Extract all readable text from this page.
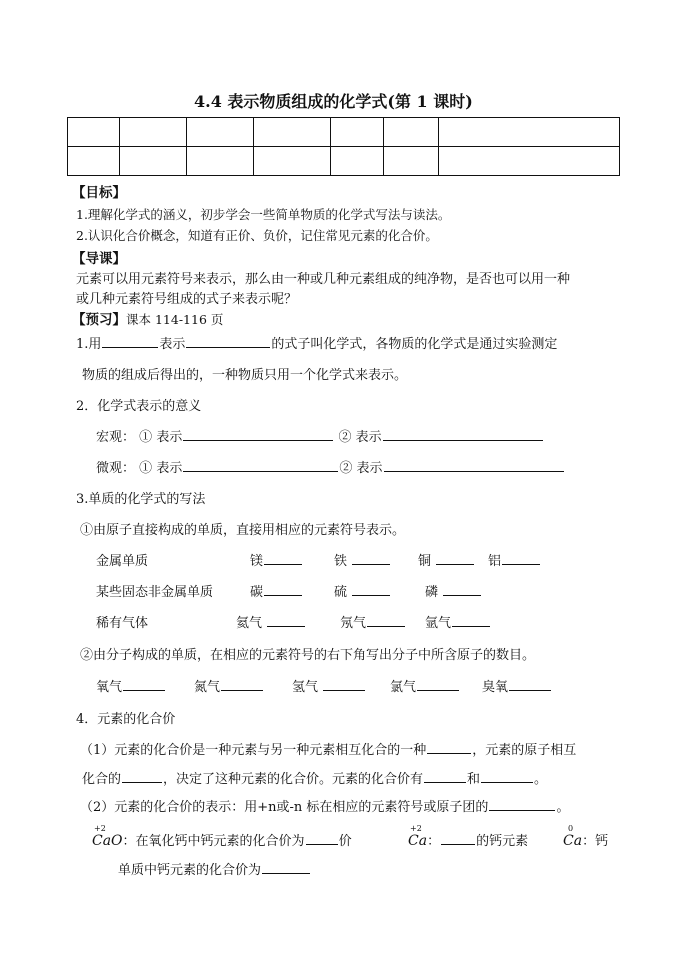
4.4 表示物质组成的化学式(第 1 课时)

【目标】
1.理解化学式的涵义，初步学会一些简单物质的化学式写法与读法。
2.认识化合价概念，知道有正价、负价，记住常见元素的化合价。
【导课】
元素可以用元素符号来表示，那么由一种或几种元素组成的纯净物，是否也可以用一种
或几种元素符号组成的式子来表示呢？
【预习】课本 114-116 页
1.用	表示	的式子叫化学式，各物质的化学式是通过实验测定
物质的组成后得出的，一种物质只用一个化学式来表示。
2．化学式表示的意义
宏观： ① 表示	② 表示
微观： ① 表示	② 表示
3.单质的化学式的写法
①由原子直接构成的单质，直接用相应的元素符号表示。
金属单质	镁	铁	铜	铝
某些固态非金属单质	碳	硫	磷
稀有气体	氦气	氖气	氩气
②由分子构成的单质，在相应的元素符号的右下角写出分子中所含原子的数目。
氧气	氮气	氢气	氯气	臭氧
4．元素的化合价
（1）元素的化合价是一种元素与另一种元素相互化合的一种	，元素的原子相互
化合的	，决定了这种元素的化合价。元素的化合价有	和	。
（2）元素的化合价的表示：用+n或-n 标在相应的元素符号或原子团的	。
+2
CaO：在氧化钙中钙元素的化合价为	价
+2
Ca：	的钙元素
0
Ca：钙
单质中钙元素的化合价为
